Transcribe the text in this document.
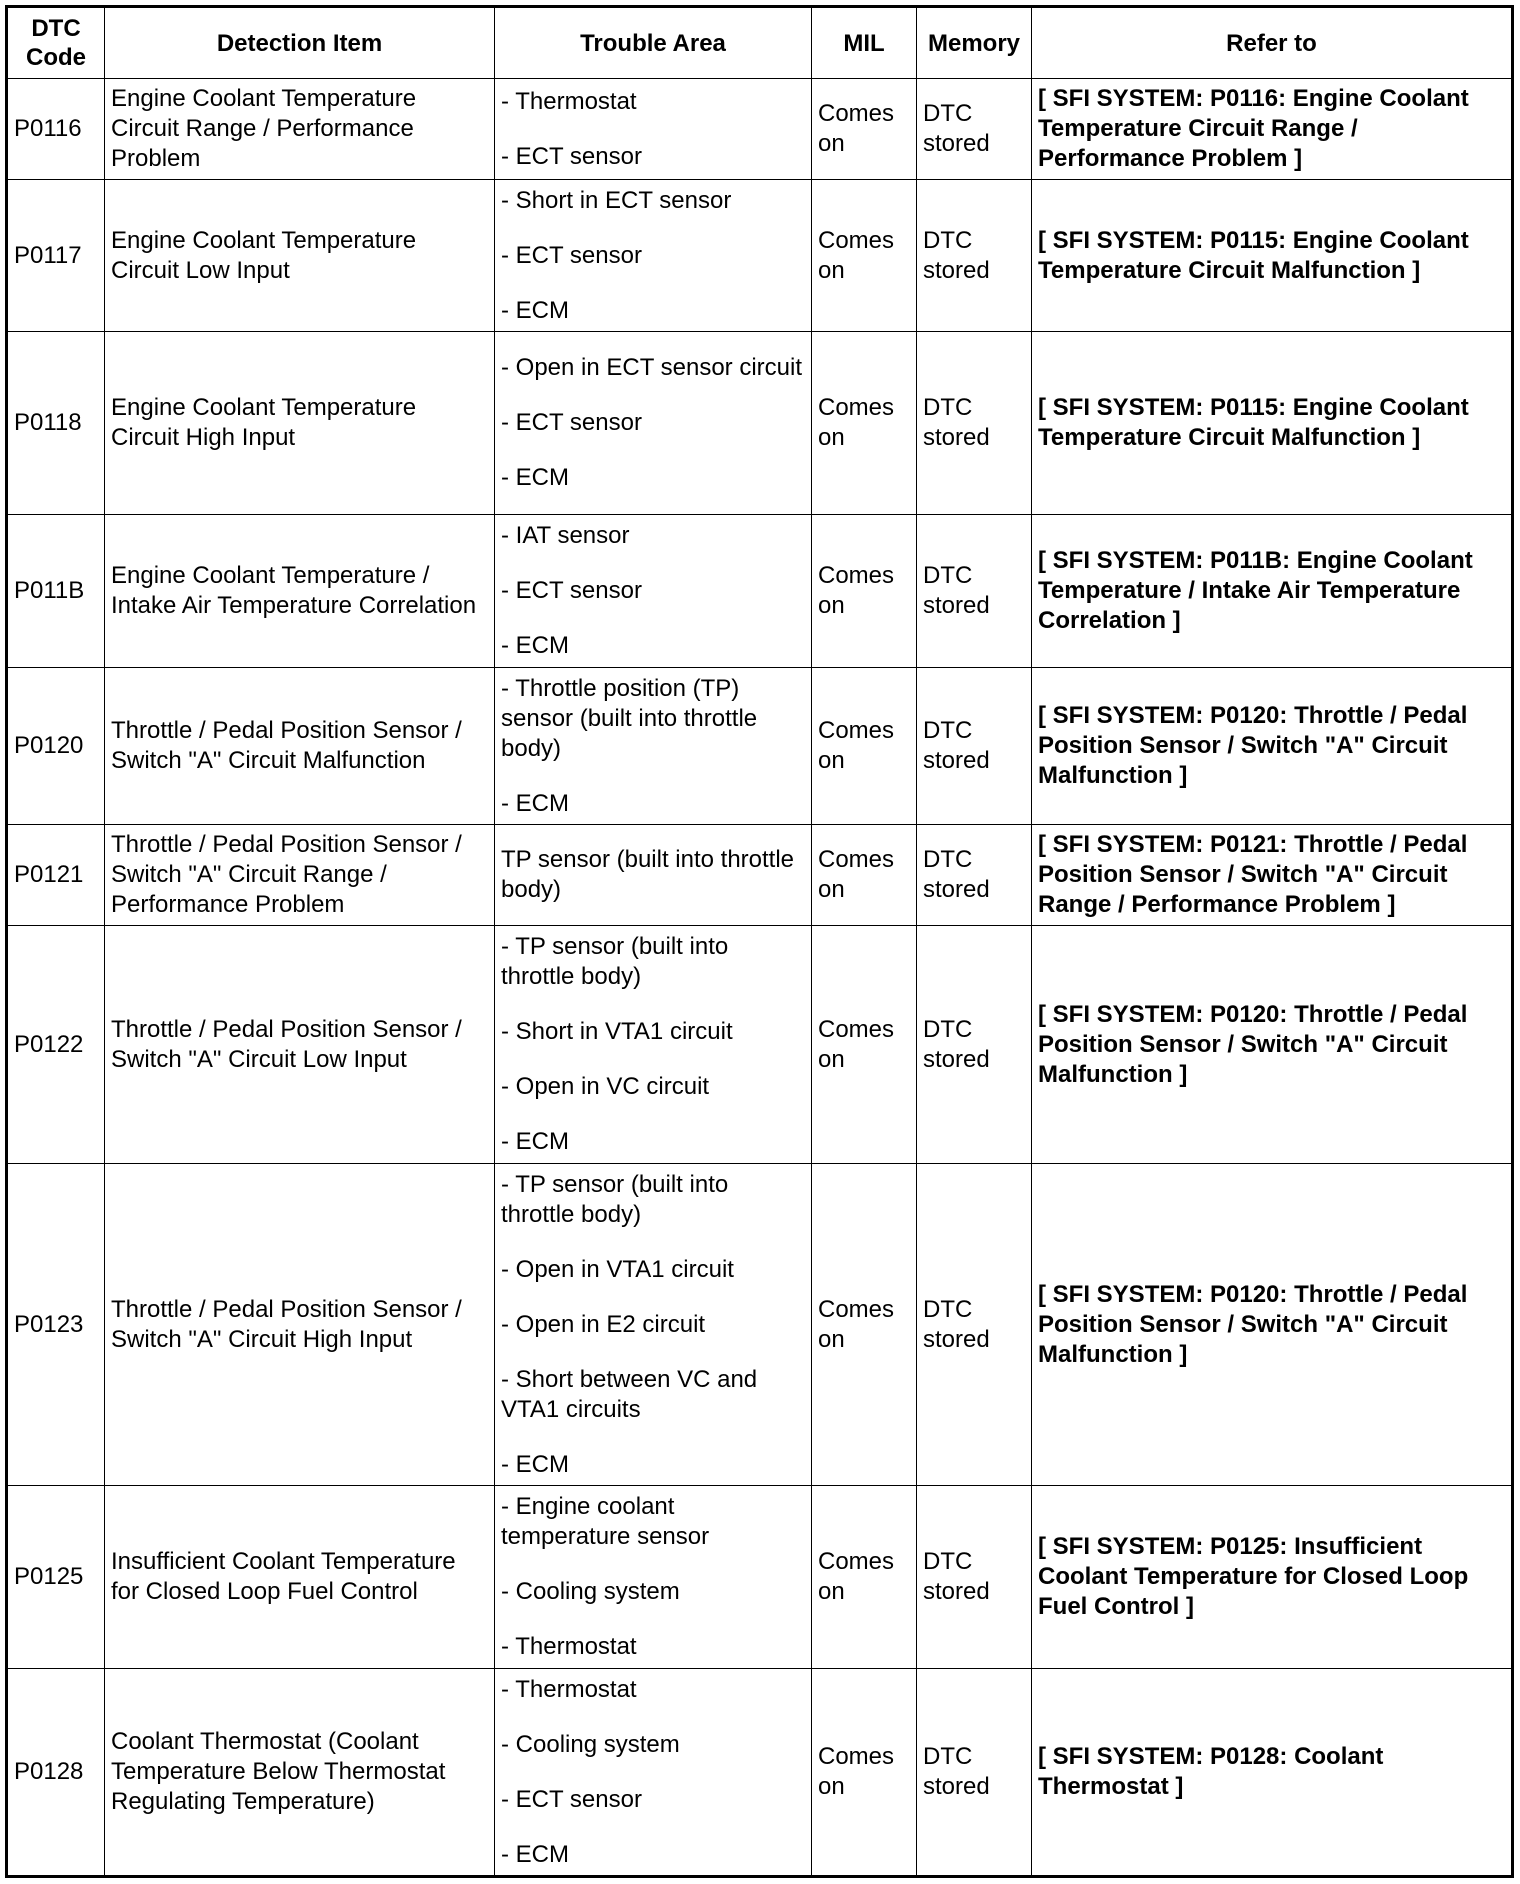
DTC Code	Detection Item	Trouble Area	MIL	Memory	Refer to
P0116	Engine Coolant Temperature Circuit Range / Performance Problem	- Thermostat
- ECT sensor	Comes on	DTC stored	[ SFI SYSTEM: P0116: Engine Coolant Temperature Circuit Range / Performance Problem ]
P0117	Engine Coolant Temperature Circuit Low Input	- Short in ECT sensor
- ECT sensor
- ECM	Comes on	DTC stored	[ SFI SYSTEM: P0115: Engine Coolant Temperature Circuit Malfunction ]
P0118	Engine Coolant Temperature Circuit High Input	- Open in ECT sensor circuit
- ECT sensor
- ECM	Comes on	DTC stored	[ SFI SYSTEM: P0115: Engine Coolant Temperature Circuit Malfunction ]
P011B	Engine Coolant Temperature / Intake Air Temperature Correlation	- IAT sensor
- ECT sensor
- ECM	Comes on	DTC stored	[ SFI SYSTEM: P011B: Engine Coolant Temperature / Intake Air Temperature Correlation ]
P0120	Throttle / Pedal Position Sensor / Switch "A" Circuit Malfunction	- Throttle position (TP) sensor (built into throttle body)
- ECM	Comes on	DTC stored	[ SFI SYSTEM: P0120: Throttle / Pedal Position Sensor / Switch "A" Circuit Malfunction ]
P0121	Throttle / Pedal Position Sensor / Switch "A" Circuit Range / Performance Problem	TP sensor (built into throttle body)	Comes on	DTC stored	[ SFI SYSTEM: P0121: Throttle / Pedal Position Sensor / Switch "A" Circuit Range / Performance Problem ]
P0122	Throttle / Pedal Position Sensor / Switch "A" Circuit Low Input	- TP sensor (built into throttle body)
- Short in VTA1 circuit
- Open in VC circuit
- ECM	Comes on	DTC stored	[ SFI SYSTEM: P0120: Throttle / Pedal Position Sensor / Switch "A" Circuit Malfunction ]
P0123	Throttle / Pedal Position Sensor / Switch "A" Circuit High Input	- TP sensor (built into throttle body)
- Open in VTA1 circuit
- Open in E2 circuit
- Short between VC and VTA1 circuits
- ECM	Comes on	DTC stored	[ SFI SYSTEM: P0120: Throttle / Pedal Position Sensor / Switch "A" Circuit Malfunction ]
P0125	Insufficient Coolant Temperature for Closed Loop Fuel Control	- Engine coolant temperature sensor
- Cooling system
- Thermostat	Comes on	DTC stored	[ SFI SYSTEM: P0125: Insufficient Coolant Temperature for Closed Loop Fuel Control ]
P0128	Coolant Thermostat (Coolant Temperature Below Thermostat Regulating Temperature)	- Thermostat
- Cooling system
- ECT sensor
- ECM	Comes on	DTC stored	[ SFI SYSTEM: P0128: Coolant Thermostat ]
